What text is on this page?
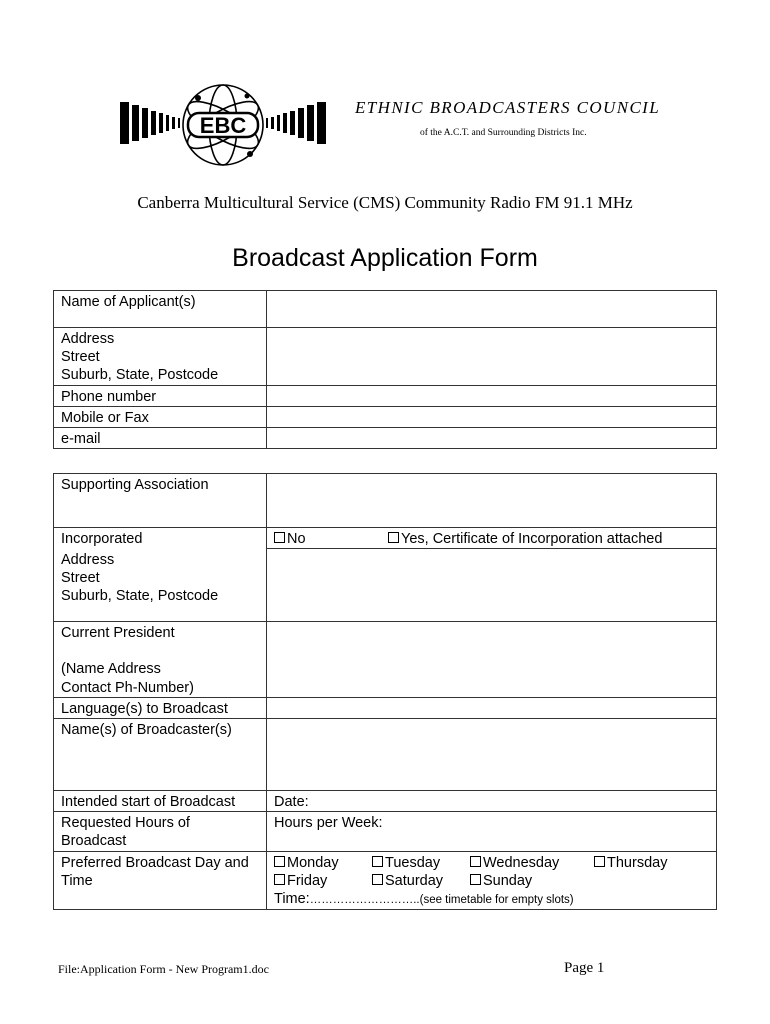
EBC
ETHNIC BROADCASTERS COUNCIL
of the A.C.T. and Surrounding Districts Inc.
Canberra Multicultural Service (CMS) Community Radio FM 91.1 MHz
Broadcast Application Form
Name of Applicant(s)	

Address
Street
Suburb, State, Postcode	

Phone number	
Mobile or Fax	
e-mail	
Supporting Association	
Incorporated	No Yes, Certificate of Incorporation attached

Address
Street
Suburb, State, Postcode	

Current President
(Name Address
Contact Ph-Number)	

Language(s) to Broadcast	
Name(s) of Broadcaster(s)	
Intended start of Broadcast	Date:

Requested Hours of
Broadcast	Hours per Week:

Preferred Broadcast Day and
Time	Monday Tuesday Wednesday Thursday
Friday Saturday Sunday
Time:………………………..(see timetable for empty slots)
File:Application Form - New Program1.doc	Page 1
